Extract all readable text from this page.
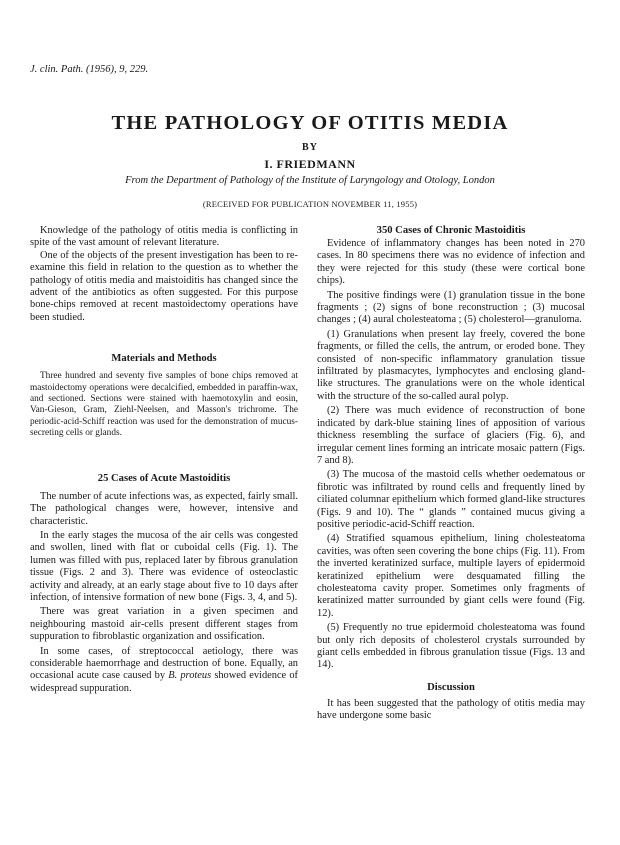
J. clin. Path. (1956), 9, 229.
THE PATHOLOGY OF OTITIS MEDIA
BY
I. FRIEDMANN
From the Department of Pathology of the Institute of Laryngology and Otology, London
(RECEIVED FOR PUBLICATION NOVEMBER 11, 1955)

Knowledge of the pathology of otitis media is conflicting in spite of the vast amount of relevant literature.

One of the objects of the present investigation has been to re-examine this field in relation to the question as to whether the pathology of otitis media and maistoiditis has changed since the advent of the antibiotics as often suggested. For this purpose bone-chips removed at recent mastoidectomy operations have been studied.

Materials and Methods

Three hundred and seventy five samples of bone chips removed at mastoidectomy operations were decalcified, embedded in paraffin-wax, and sectioned. Sections were stained with haemotoxylin and eosin, Van-Gieson, Gram, Ziehl-Neelsen, and Masson's trichrome. The periodic-acid-Schiff reaction was used for the demonstration of mucus-secreting cells or glands.

25 Cases of Acute Mastoiditis

The number of acute infections was, as expected, fairly small. The pathological changes were, however, intensive and characteristic.

In the early stages the mucosa of the air cells was congested and swollen, lined with flat or cuboidal cells (Fig. 1). The lumen was filled with pus, replaced later by fibrous granulation tissue (Figs. 2 and 3). There was evidence of osteoclastic activity and already, at an early stage about five to 10 days after infection, of intensive formation of new bone (Figs. 3, 4, and 5).

There was great variation in a given specimen and neighbouring mastoid air-cells present different stages from suppuration to fibroblastic organization and ossification.

In some cases, of streptococcal aetiology, there was considerable haemorrhage and destruction of bone. Equally, an occasional acute case caused by B. proteus showed evidence of widespread suppuration.

350 Cases of Chronic Mastoiditis

Evidence of inflammatory changes has been noted in 270 cases. In 80 specimens there was no evidence of infection and they were rejected for this study (these were cortical bone chips).

The positive findings were (1) granulation tissue in the bone fragments ; (2) signs of bone reconstruction ; (3) mucosal changes ; (4) aural cholesteatoma ; (5) cholesterol—granuloma.

(1) Granulations when present lay freely, covered the bone fragments, or filled the cells, the antrum, or eroded bone. They consisted of non-specific inflammatory granulation tissue infiltrated by plasmacytes, lymphocytes and enclosing gland-like structures. The granulations were on the whole identical with the structure of the so-called aural polyp.

(2) There was much evidence of reconstruction of bone indicated by dark-blue staining lines of apposition of various thickness resembling the surface of glaciers (Fig. 6), and irregular cement lines forming an intricate mosaic pattern (Figs. 7 and 8).

(3) The mucosa of the mastoid cells whether oedematous or fibrotic was infiltrated by round cells and frequently lined by ciliated columnar epithelium which formed gland-like structures (Figs. 9 and 10). The “ glands ” contained mucus giving a positive periodic-acid-Schiff reaction.

(4) Stratified squamous epithelium, lining cholesteatoma cavities, was often seen covering the bone chips (Fig. 11). From the inverted keratinized surface, multiple layers of epidermoid keratinized epithelium were desquamated filling the cholesteatoma cavity proper. Sometimes only fragments of keratinized matter surrounded by giant cells were found (Fig. 12).

(5) Frequently no true epidermoid cholesteatoma was found but only rich deposits of cholesterol crystals surrounded by giant cells embedded in fibrous granulation tissue (Figs. 13 and 14).

Discussion

It has been suggested that the pathology of otitis media may have undergone some basic
